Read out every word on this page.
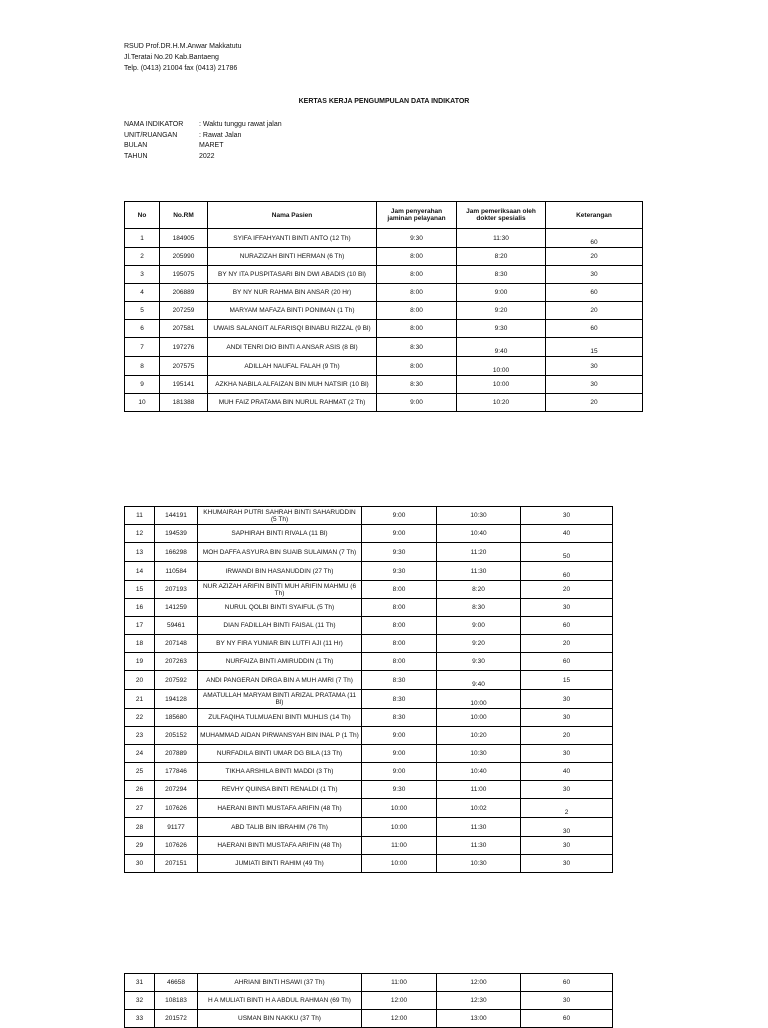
RSUD Prof.DR.H.M.Anwar Makkatutu
Jl.Teratai No.20 Kab.Bantaeng
Telp. (0413) 21004 fax (0413) 21786
KERTAS KERJA PENGUMPULAN DATA INDIKATOR
NAMA INDIKATOR	: Waktu tunggu rawat jalan
UNIT/RUANGAN	: Rawat Jalan
BULAN	MARET
TAHUN	2022
No	No.RM	Nama Pasien	Jam penyerahan jaminan pelayanan	Jam pemeriksaan oleh dokter spesialis	Keterangan
1	184905	SYIFA IFFAHYANTI BINTI ANTO (12 Th)	9:30	11:30	60
2	205990	NURAZIZAH BINTI HERMAN (6 Th)	8:00	8:20	20
3	195075	BY NY ITA PUSPITASARI BIN DWI ABADIS (10 Bl)	8:00	8:30	30
4	206889	BY NY NUR RAHMA BIN ANSAR (20 Hr)	8:00	9:00	60
5	207259	MARYAM MAFAZA BINTI PONIMAN (1 Th)	8:00	9:20	20
6	207581	UWAIS SALANGIT ALFARISQI BINABU RIZZAL (9 Bl)	8:00	9:30	60
7	197276	ANDI TENRI DIO BINTI A ANSAR ASIS (8 Bl)	8:30	9:40	15
8	207575	ADILLAH NAUFAL FALAH (9 Th)	8:00	10:00	30
9	195141	AZKHA NABILA ALFAIZAN BIN MUH NATSIR (10 Bl)	8:30	10:00	30
10	181388	MUH FAIZ PRATAMA BIN NURUL RAHMAT (2 Th)	9:00	10:20	20
11	144191	KHUMAIRAH PUTRI SAHRAH BINTI SAHARUDDIN (5 Th)	9:00	10:30	30
12	194539	SAPHIRAH BINTI RIVALA (11 Bl)	9:00	10:40	40
13	166298	MOH DAFFA ASYURA BIN SUAIB SULAIMAN (7 Th)	9:30	11:20	50
14	110584	IRWANDI BIN HASANUDDIN (27 Th)	9:30	11:30	60
15	207193	NUR AZIZAH ARIFIN BINTI MUH ARIFIN MAHMU (6 Th)	8:00	8:20	20
16	141259	NURUL QOLBI BINTI SYAIFUL (5 Th)	8:00	8:30	30
17	59461	DIAN FADILLAH BINTI FAISAL (11 Th)	8:00	9:00	60
18	207148	BY NY FIRA YUNIAR BIN LUTFI AJI (11 Hr)	8:00	9:20	20
19	207263	NURFAIZA BINTI AMIRUDDIN (1 Th)	8:00	9:30	60
20	207592	ANDI PANGERAN DIRGA BIN A MUH AMRI (7 Th)	8:30	9:40	15
21	194128	AMATULLAH MARYAM BINTI ARIZAL PRATAMA (11 Bl)	8:30	10:00	30
22	185680	ZULFAQIHA TULMUAENI BINTI MUHLIS (14 Th)	8:30	10:00	30
23	205152	MUHAMMAD AIDAN PIRWANSYAH BIN INAL P (1 Th)	9:00	10:20	20
24	207889	NURFADILA BINTI UMAR DG BILA (13 Th)	9:00	10:30	30
25	177846	TIKHA ARSHILA BINTI MADDI (3 Th)	9:00	10:40	40
26	207294	REVHY QUINSA BINTI RENALDI (1 Th)	9:30	11:00	30
27	107626	HAERANI BINTI MUSTAFA ARIFIN (48 Th)	10:00	10:02	2
28	91177	ABD TALIB BIN IBRAHIM (76 Th)	10:00	11:30	30
29	107626	HAERANI BINTI MUSTAFA ARIFIN (48 Th)	11:00	11:30	30
30	207151	JUMIATI BINTI RAHIM (49 Th)	10:00	10:30	30
31	46658	AHRIANI BINTI HSAWI (37 Th)	11:00	12:00	60
32	108183	H A MULIATI BINTI H A ABDUL RAHMAN (69 Th)	12:00	12:30	30
33	201572	USMAN BIN NAKKU (37 Th)	12:00	13:00	60
